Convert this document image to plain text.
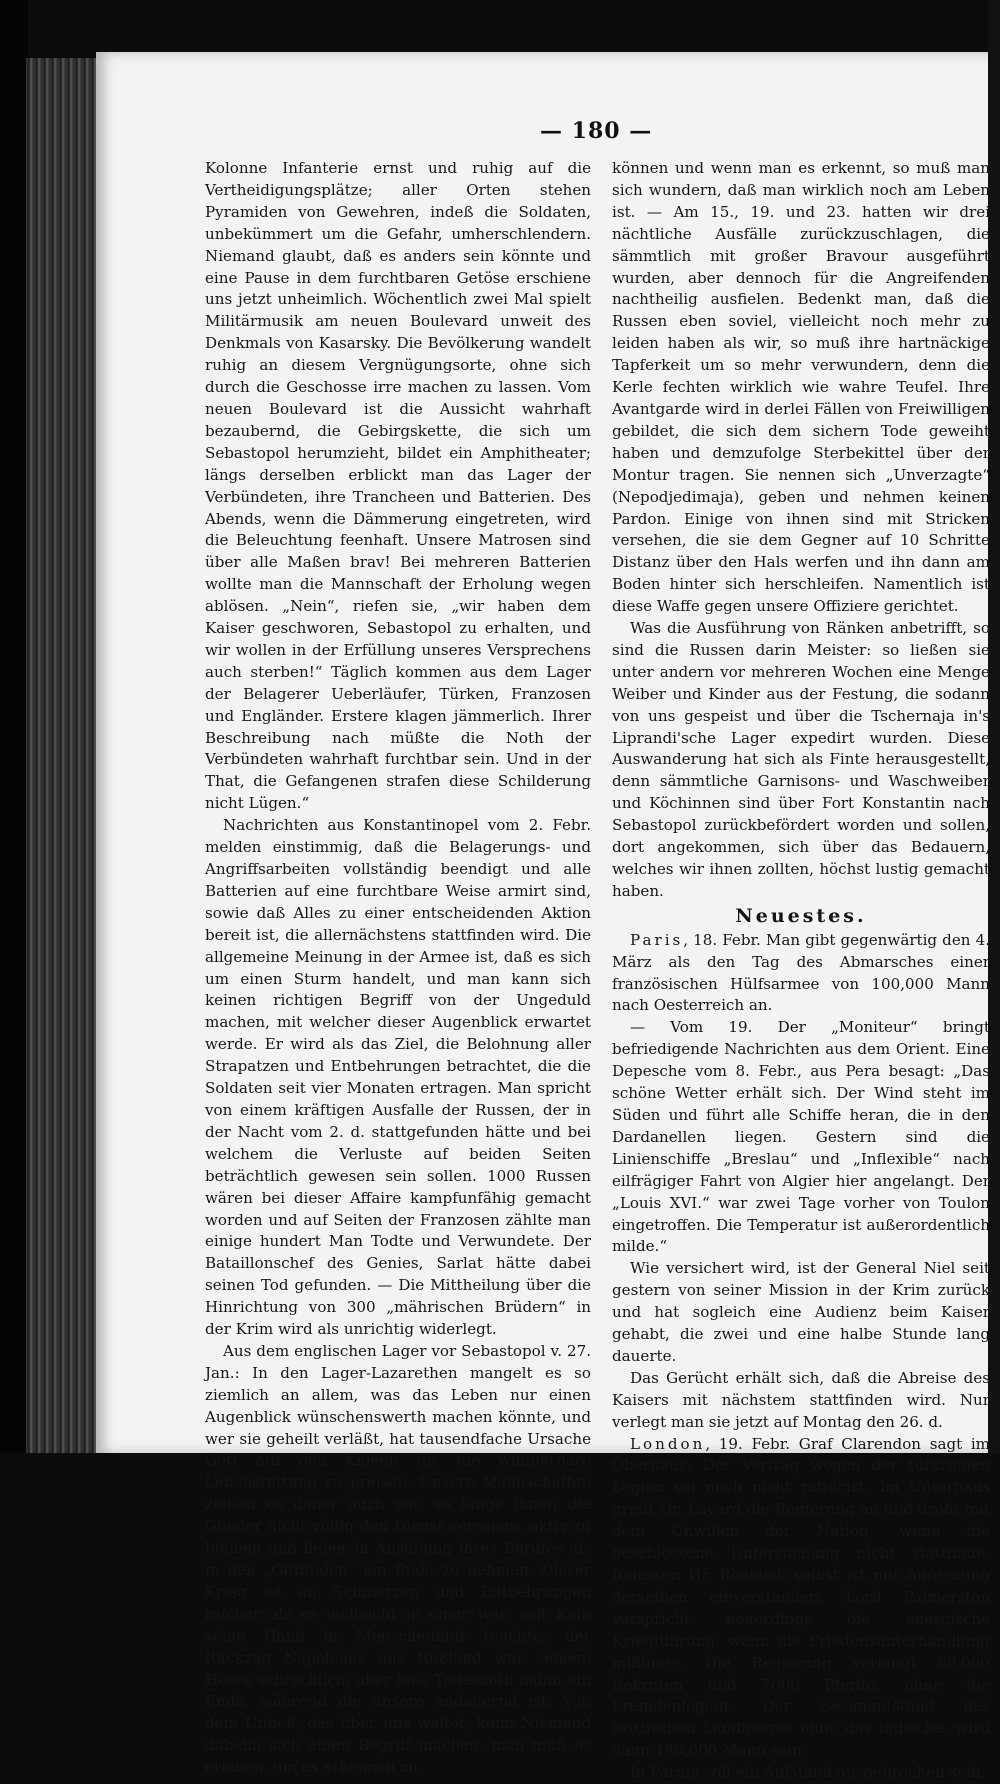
— 180 —

Kolonne Infanterie ernst und ruhig auf die Vertheidigungsplätze; aller Orten stehen Pyramiden von Gewehren, indeß die Soldaten, unbekümmert um die Gefahr, umherschlendern. Niemand glaubt, daß es anders sein könnte und eine Pause in dem furchtbaren Getöse erschiene uns jetzt unheimlich. Wöchentlich zwei Mal spielt Militärmusik am neuen Boulevard unweit des Denkmals von Kasarsky. Die Bevölkerung wandelt ruhig an diesem Vergnügungsorte, ohne sich durch die Geschosse irre machen zu lassen. Vom neuen Boulevard ist die Aussicht wahrhaft bezaubernd, die Gebirgskette, die sich um Sebastopol herumzieht, bildet ein Amphitheater; längs derselben erblickt man das Lager der Verbündeten, ihre Trancheen und Batterien. Des Abends, wenn die Dämmerung eingetreten, wird die Beleuchtung feenhaft. Unsere Matrosen sind über alle Maßen brav! Bei mehreren Batterien wollte man die Mannschaft der Erholung wegen ablösen. „Nein“, riefen sie, „wir haben dem Kaiser geschworen, Sebastopol zu erhalten, und wir wollen in der Erfüllung unseres Versprechens auch sterben!“ Täglich kommen aus dem Lager der Belagerer Ueberläufer, Türken, Franzosen und Engländer. Erstere klagen jämmerlich. Ihrer Beschreibung nach müßte die Noth der Verbündeten wahrhaft furchtbar sein. Und in der That, die Gefangenen strafen diese Schilderung nicht Lügen.“

Nachrichten aus Konstantinopel vom 2. Febr. melden einstimmig, daß die Belagerungs- und Angriffsarbeiten vollständig beendigt und alle Batterien auf eine furchtbare Weise armirt sind, sowie daß Alles zu einer entscheidenden Aktion bereit ist, die allernächstens stattfinden wird. Die allgemeine Meinung in der Armee ist, daß es sich um einen Sturm handelt, und man kann sich keinen richtigen Begriff von der Ungeduld machen, mit welcher dieser Augenblick erwartet werde. Er wird als das Ziel, die Belohnung aller Strapatzen und Entbehrungen betrachtet, die die Soldaten seit vier Monaten ertragen. Man spricht von einem kräftigen Ausfalle der Russen, der in der Nacht vom 2. d. stattgefunden hätte und bei welchem die Verluste auf beiden Seiten beträchtlich gewesen sein sollen. 1000 Russen wären bei dieser Affaire kampfunfähig gemacht worden und auf Seiten der Franzosen zählte man einige hundert Man Todte und Verwundete. Der Bataillonschef des Genies, Sarlat hätte dabei seinen Tod gefunden. — Die Mittheilung über die Hinrichtung von 300 „mährischen Brüdern“ in der Krim wird als unrichtig widerlegt.

Aus dem englischen Lager vor Sebastopol v. 27. Jan.: In den Lager-Lazarethen mangelt es so ziemlich an allem, was das Leben nur einen Augenblick wünschenswerth machen könnte, und wer sie geheilt verläßt, hat tausendfache Ursache Gott auf den Knieen für die wunderbare Lebensrettung zu preisen. Unsere Mannschaften ziehen es daher auch vor, so lange ihnen die Glieder nicht völlig den Dienst versagen, aktiv zu bleiben und lieber in Ausübung ihres Berufes als in den „Giftbuden“ ein Ende zu nehmen. Dieser Krieg ist an Schmerzen und Entbehrungen reicher als es vielleicht je einer war, seit Kain seine Hand in Menschenblut tauchte; der Rückzug Napoleons aus Rußland war seinem Heere schrecklich; aber jene Todesnoth nahm ein Ende, während die unsere andauernd ist. Von dem Unheil, das über uns waltet, kann Niemand daheim sich einen Begriff machen, man muß es erleben, um es erkennen zu

können und wenn man es erkennt, so muß man sich wundern, daß man wirklich noch am Leben ist. — Am 15., 19. und 23. hatten wir drei nächtliche Ausfälle zurückzuschlagen, die sämmtlich mit großer Bravour ausgeführt wurden, aber dennoch für die Angreifenden nachtheilig ausfielen. Bedenkt man, daß die Russen eben soviel, vielleicht noch mehr zu leiden haben als wir, so muß ihre hartnäckige Tapferkeit um so mehr verwundern, denn die Kerle fechten wirklich wie wahre Teufel. Ihre Avantgarde wird in derlei Fällen von Freiwilligen gebildet, die sich dem sichern Tode geweiht haben und demzufolge Sterbekittel über der Montur tragen. Sie nennen sich „Unverzagte“ (Nepodjedimaja), geben und nehmen keinen Pardon. Einige von ihnen sind mit Stricken versehen, die sie dem Gegner auf 10 Schritte Distanz über den Hals werfen und ihn dann am Boden hinter sich herschleifen. Namentlich ist diese Waffe gegen unsere Offiziere gerichtet.

Was die Ausführung von Ränken anbetrifft, so sind die Russen darin Meister: so ließen sie unter andern vor mehreren Wochen eine Menge Weiber und Kinder aus der Festung, die sodann von uns gespeist und über die Tschernaja in's Liprandi'sche Lager expedirt wurden. Diese Auswanderung hat sich als Finte herausgestellt, denn sämmtliche Garnisons- und Waschweiber und Köchinnen sind über Fort Konstantin nach Sebastopol zurückbefördert worden und sollen, dort angekommen, sich über das Bedauern, welches wir ihnen zollten, höchst lustig gemacht haben.

Neuestes.

Paris, 18. Febr. Man gibt gegenwärtig den 4. März als den Tag des Abmarsches einer französischen Hülfsarmee von 100,000 Mann nach Oesterreich an.

— Vom 19. Der „Moniteur“ bringt befriedigende Nachrichten aus dem Orient. Eine Depesche vom 8. Febr., aus Pera besagt: „Das schöne Wetter erhält sich. Der Wind steht im Süden und führt alle Schiffe heran, die in den Dardanellen liegen. Gestern sind die Linienschiffe „Breslau“ und „Inflexible“ nach eilfrägiger Fahrt von Algier hier angelangt. Der „Louis XVI.“ war zwei Tage vorher von Toulon eingetroffen. Die Temperatur ist außerordentlich milde.“

Wie versichert wird, ist der General Niel seit gestern von seiner Mission in der Krim zurück und hat sogleich eine Audienz beim Kaiser gehabt, die zwei und eine halbe Stunde lang dauerte.

Das Gerücht erhält sich, daß die Abreise des Kaisers mit nächstem stattfinden wird. Nur verlegt man sie jetzt auf Montag den 26. d.

London, 19. Febr. Graf Clarendon sagt im Oberhaus: Der Vertrag wegen der türkischen Legion sei noch nicht ratificirt. Im Unterhaus greift Hr. Layard die Regierung an und droht mit dem Unwillen der Nation, wenn die beschlossene Untersuchung nicht stattfinde. Indessen Hr. Roebuck selbst ist mit Aufgebung derselben einverstanden. Lord Palmerston verspricht neuerdings die energische Kriegführung, wenn die Friedensunterhandlung mißlinge. Die Regierung verlangt 60,000 Rekruten und 7000 Pferde, ohne die Fremdenlegion. Der Gesammtstand des brittischen Landheeres ohne das indische, wird dann 180,000 Mann sein.

In Parma soll ein Aufstand ausgebrochen sein.
